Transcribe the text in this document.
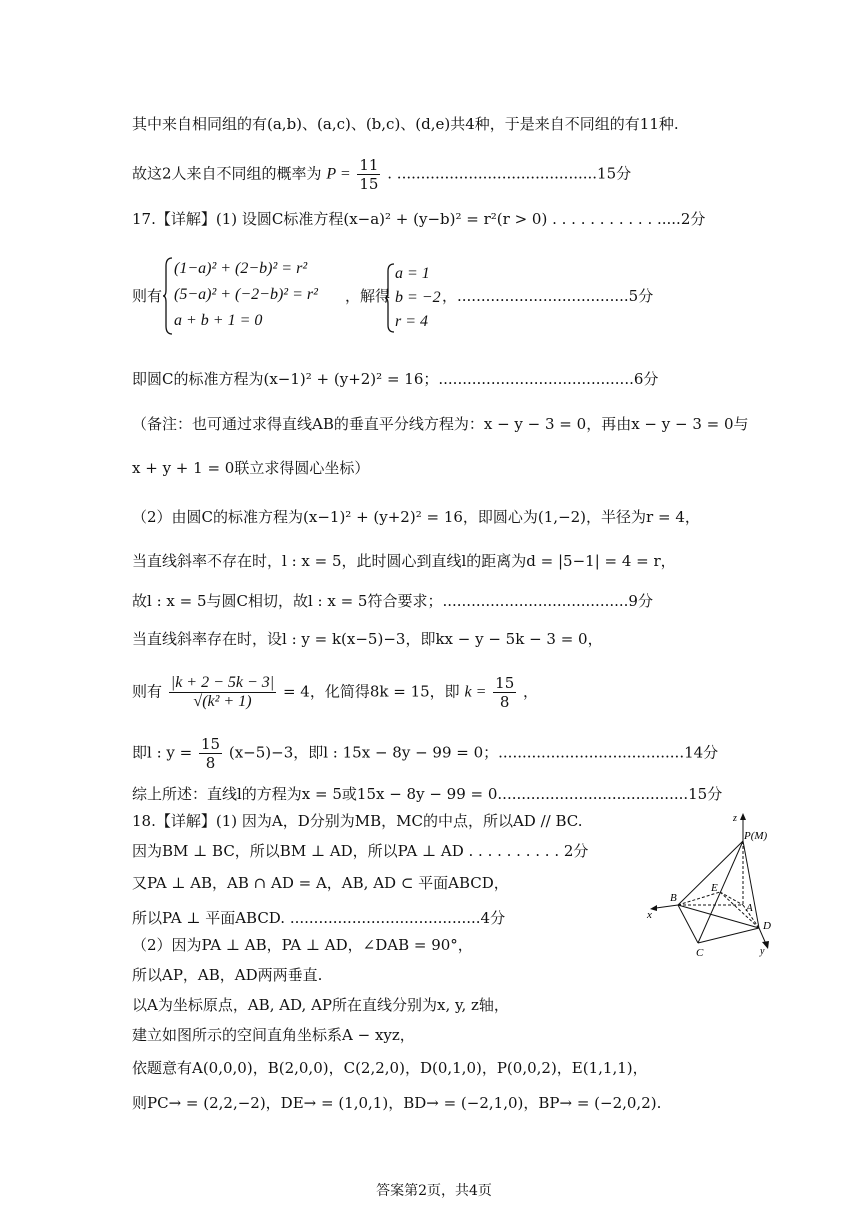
其中来自相同组的有(a,b)、(a,c)、(b,c)、(d,e)共4种，于是来自不同组的有11种.
故这2人来自不同组的概率为 $P = \frac{11}{15}$ . ..........................................15分
17.【详解】(1) 设圆C标准方程(x−a)² + (y−b)² = r²(r > 0) . . . . . . . . . . . .....2分
则有
(1−a)² + (2−b)² = r²
(5−a)² + (−2−b)² = r²
a + b + 1 = 0
，解得
a = 1
b = −2
r = 4
，....................................5分
即圆C的标准方程为(x−1)² + (y+2)² = 16；.........................................6分
（备注：也可通过求得直线AB的垂直平分线方程为：x − y − 3 = 0，再由x − y − 3 = 0与
x + y + 1 = 0联立求得圆心坐标）
（2）由圆C的标准方程为(x−1)² + (y+2)² = 16，即圆心为(1,−2)，半径为r = 4，
当直线斜率不存在时，l : x = 5，此时圆心到直线l的距离为d = |5−1| = 4 = r，
故l : x = 5与圆C相切，故l : x = 5符合要求；.......................................9分
当直线斜率存在时，设l : y = k(x−5)−3，即kx − y − 5k − 3 = 0，
则有 $\frac{|k + 2 - 5k - 3|}{\text{√(k² + 1)}} = 4$，化简得8k = 15，即 $k = \frac{15}{8}$ ，
即l : $y = \frac{15}{8} (x-5)-3$，即l : 15x − 8y − 99 = 0；.......................................14分
综上所述：直线l的方程为x = 5或15x − 8y − 99 = 0........................................15分
18.【详解】(1) 因为A，D分别为MB，MC的中点，所以AD // BC.
因为BM ⊥ BC，所以BM ⊥ AD，所以PA ⊥ AD . . . . . . . . . . 2分
又PA ⊥ AB，AB ∩ AD = A，AB, AD ⊂ 平面ABCD，
所以PA ⊥ 平面ABCD. ........................................4分
（2）因为PA ⊥ AB，PA ⊥ AD，∠DAB = 90°，
所以AP，AB，AD两两垂直.
以A为坐标原点，AB, AD, AP所在直线分别为x, y, z轴，
建立如图所示的空间直角坐标系A − xyz，
依题意有A(0,0,0)，B(2,0,0)，C(2,2,0)，D(0,1,0)，P(0,0,2)，E(1,1,1)，
则PC→ = (2,2,−2)，DE→ = (1,0,1)，BD→ = (−2,1,0)，BP→ = (−2,0,2).
z
P(M)
E
B
A
x
D
C	y
答案第2页，共4页
